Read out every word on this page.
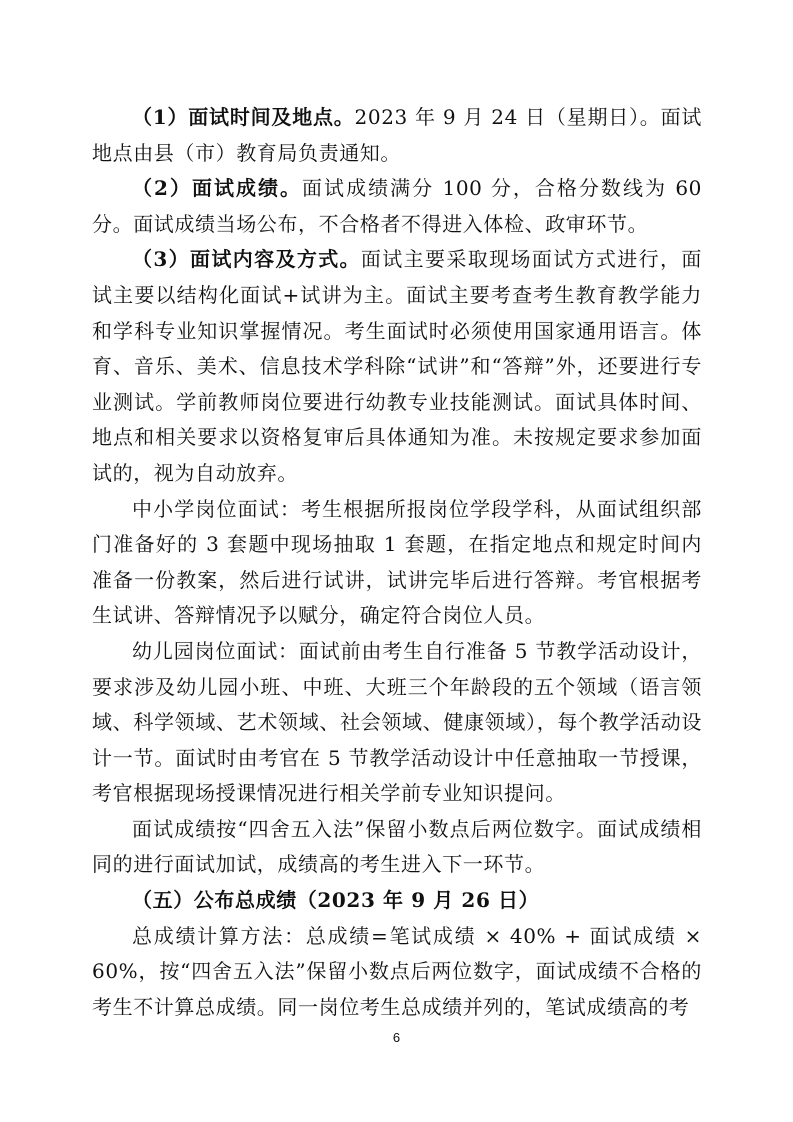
（1）面试时间及地点。2023 年 9 月 24 日（星期日）。面试地点由县（市）教育局负责通知。

（2）面试成绩。面试成绩满分 100 分，合格分数线为 60 分。面试成绩当场公布，不合格者不得进入体检、政审环节。

（3）面试内容及方式。面试主要采取现场面试方式进行，面试主要以结构化面试+试讲为主。面试主要考查考生教育教学能力和学科专业知识掌握情况。考生面试时必须使用国家通用语言。体育、音乐、美术、信息技术学科除“试讲”和“答辩”外，还要进行专业测试。学前教师岗位要进行幼教专业技能测试。面试具体时间、地点和相关要求以资格复审后具体通知为准。未按规定要求参加面试的，视为自动放弃。

中小学岗位面试：考生根据所报岗位学段学科，从面试组织部门准备好的 3 套题中现场抽取 1 套题，在指定地点和规定时间内准备一份教案，然后进行试讲，试讲完毕后进行答辩。考官根据考生试讲、答辩情况予以赋分，确定符合岗位人员。

幼儿园岗位面试：面试前由考生自行准备 5 节教学活动设计，要求涉及幼儿园小班、中班、大班三个年龄段的五个领域（语言领域、科学领域、艺术领域、社会领域、健康领域），每个教学活动设计一节。面试时由考官在 5 节教学活动设计中任意抽取一节授课，考官根据现场授课情况进行相关学前专业知识提问。

面试成绩按“四舍五入法”保留小数点后两位数字。面试成绩相同的进行面试加试，成绩高的考生进入下一环节。

（五）公布总成绩（2023 年 9 月 26 日）

总成绩计算方法：总成绩=笔试成绩 × 40% + 面试成绩 × 60%，按“四舍五入法”保留小数点后两位数字，面试成绩不合格的考生不计算总成绩。同一岗位考生总成绩并列的，笔试成绩高的考

6
